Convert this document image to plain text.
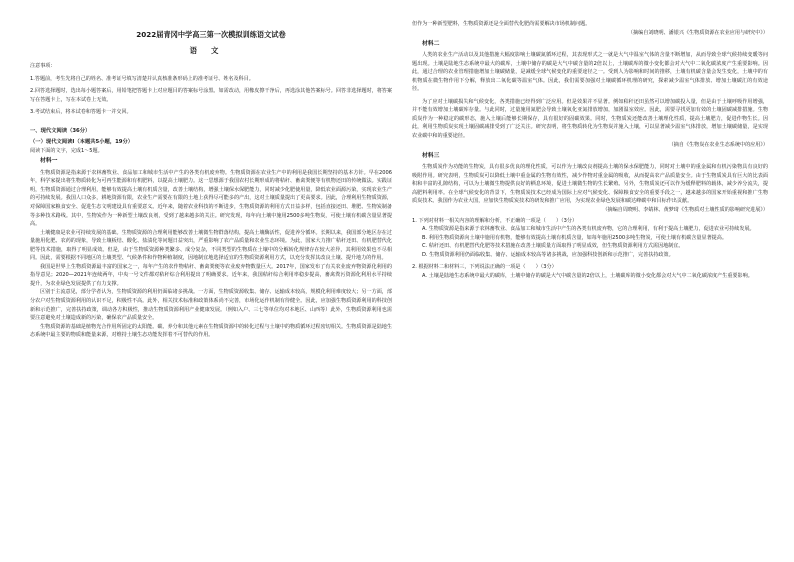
2022届青冈中学高三第一次模拟训练语文试卷
语文
注意事项：
1.答题前，考生先将自己的姓名、准考证号填写清楚并认真核准条形码上的准考证号、姓名及科目。
2.回答选择题时，选出每小题答案后，用铅笔把答题卡上对应题目的答案标号涂黑。如需改动，用橡皮擦干净后，再选涂其他答案标号。回答非选择题时，将答案写在答题卡上，写在本试卷上无效。
3.考试结束后，将本试卷和答题卡一并交回。
一、现代文阅读（36分）
（一）现代文阅读Ⅰ（本题共5小题，19分）
阅读下面的文字，完成1～5题。
材料一
生物质资源是指来源于农林畜牧业、食品加工和城市生活中产生的各类有机废弃物。生物质资源在农业生产中的利用是我国长期坚持的基本方针。早在2006年，科学家提出将生物质转化为可再生能源和有机肥料，以提高土壤肥力。这一思想源于我国农村长期形成的将秸秆、畜禽粪便等有机物还田的传统做法。实践证明，生物质资源通过合理利用，能够有效提高土壤有机质含量，改善土壤结构，增强土壤保水保肥能力，同时减少化肥使用量，降低农业面源污染，实现农业生产的可持续发展。我国人口众多，耕地资源有限，农业生产需要在有限的土地上获得尽可能多的产出，这对土壤质量提出了更高要求。因此，合理利用生物质资源，对保障国家粮食安全、促进生态文明建设具有重要意义。近年来，随着农业科技的不断进步，生物质资源的利用方式日益多样，包括直接还田、堆肥、生物炭制备等多种技术路线。其中，生物炭作为一种新型土壤改良剂，受到了越来越多的关注。研究发现，每年向土壤中施用2500多吨生物炭，可使土壤有机碳含量显著提高。
土壤健康是农业可持续发展的基础。生物质资源的合理利用能够改善土壤微生物群落结构，提高土壤酶活性，促进养分循环。长期以来，我国部分地区存在过量施用化肥、农药的现象，导致土壤板结、酸化、盐渍化等问题日益突出，严重影响了农产品质量和农业生态环境。为此，国家大力推广秸秆还田、有机肥替代化肥等技术措施，取得了明显成效。但是，由于生物质资源种类繁多、成分复杂，不同类型的生物质在土壤中的分解转化规律存在较大差异，其利用效果也不尽相同。因此，需要根据不同地区的土壤类型、气候条件和作物种植制度，因地制宜地选择适宜的生物质资源利用方式，以充分发挥其改良土壤、提升地力的作用。
我国是世界上生物质资源最丰富的国家之一，每年产生的农作物秸秆、畜禽粪便等农业废弃物数量巨大。2017年，国家发布了有关农业废弃物资源化利用的指导意见；2020—2021年连续两年，中央一号文件都对秸秆综合利用提出了明确要求。近年来，我国秸秆综合利用率稳步提高，畜禽粪污资源化利用水平持续提升，为农业绿色发展提供了有力支撑。
区别于主流意见，部分学者认为，生物质资源的利用仍面临诸多挑战。一方面，生物质资源收集、储存、运输成本较高，规模化利用难度较大；另一方面，部分农户对生物质资源利用的认识不足，积极性不高。此外，相关技术标准和政策体系尚不完善，市场化运作机制有待健全。因此，应加强生物质资源利用的科技创新和示范推广，完善扶持政策，调动各方积极性，推动生物质资源利用产业健康发展。（例如入户、三七等单位均对本地区、山西等）此外，生物质资源利用也需要注意避免对土壤造成新的污染，确保农产品质量安全。
生物质资源的基础是植物光合作用所固定的太阳能。碳、养分和其他元素在生物质资源中的转化过程与土壤中的物质循环过程密切相关。生物质资源是陆地生态系统中最主要的物质和能量来源，对维持土壤生态功能发挥着不可替代的作用。
但作为一种新型肥料，生物质资源还是全面替代化肥尚需要解决市场机制问题。
（摘编自刘晓明、潘银兴《生物质资源在农业应用与研究中》）
材料二
人类的农业生产活动以及其他措施大幅度影响土壤碳氮循环过程，其表现形式之一就是大气中温室气体的含量不断增加，从而导致全球气候持续变暖等问题出现。土壤是陆地生态系统中最大的碳库，土壤中储存的碳是大气中碳含量的2倍以上，土壤碳库的微小变化都会对大气中二氧化碳浓度产生重要影响。因此，通过合理的农业管理措施增加土壤碳储量，是减缓全球气候变化的重要途径之一。受到人为影响和时间的推移，土壤有机碳含量会发生变化，土壤中的有机物质在微生物作用下分解，释放出二氧化碳等温室气体。因此，我们需要加强对土壤碳循环机理的研究，探索减少温室气体排放、增加土壤碳汇的有效途径。
为了应对土壤碳损失和气候变化，各类措施已经得到广泛应用。但是效果并不显著。例如秸秆还田虽然可以增加碳投入量，但是由于土壤呼吸作用增强，并不能有效增加土壤碳库存量。与此同时，过量施用氮肥会导致土壤氧化亚氮排放增加，加剧温室效应。因此，需要寻找更加有效的土壤固碳减排措施。生物质炭作为一种稳定的碳形态，施入土壤后能够长期保存，具有很好的固碳效果。同时，生物质炭还能改善土壤理化性质，提高土壤肥力，促进作物生长。因此，利用生物质炭实现土壤固碳减排受到了广泛关注。研究表明，将生物质转化为生物炭并施入土壤，可以显著减少温室气体排放，增加土壤碳储量，是实现农业碳中和的重要途径。
（摘自《生物炭在农业生态系统中的应用》）
材料三
生物质炭作为功能的生物炭，具有很多优良的理化性质，可以作为土壤改良剂提高土壤的保水保肥能力，同时对土壤中的重金属和有机污染物具有良好的吸附作用。研究表明，生物质炭可以降低土壤中重金属的生物有效性，减少作物对重金属的吸收，从而提高农产品质量安全。由于生物质炭具有巨大的比表面积和丰富的孔隙结构，可以为土壤微生物提供良好的栖息环境，促进土壤微生物的生长繁殖。另外，生物质炭还可以作为缓释肥料的载体，减少养分流失，提高肥料利用率。在全球气候变化的背景下，生物质炭技术已经成为国际上应对气候变化、保障粮食安全的重要手段之一，越来越多的国家开始重视和推广生物质炭技术。我国作为农业大国，应加快生物质炭技术的研发和推广应用，为实现农业绿色发展和碳达峰碳中和目标作出贡献。
（摘编自周晓明、李婧林、黄梦琦《生物质对土壤性质的影响研究进展》）
1. 下列对材料一相关内容的理解和分析，不正确的一项是（　　）（3分）
A. 生物质资源是指来源于农林畜牧业、食品加工和城市生活中产生的各类有机废弃物，它的合理利用，有利于提高土壤肥力，促进农业可持续发展。
B. 利用生物质资源向土壤中施用有机物，能够有效提高土壤有机质含量，如每年施用2500多吨生物炭，可使土壤有机碳含量显著提高。
C. 秸秆还田、有机肥替代化肥等技术措施在改善土壤质量方面取得了明显成效，但生物质资源利用方式需因地制宜。
D. 生物质资源利用仍面临收集、储存、运输成本较高等诸多挑战，应加强科技创新和示范推广，完善扶持政策。
2. 根据材料二和材料三，下列说法正确的一项是（　　）（3分）
A. 土壤是陆地生态系统中最大的碳库，土壤中储存的碳是大气中碳含量的2倍以上，土壤碳库的微小变化都会对大气中二氧化碳浓度产生重要影响。
